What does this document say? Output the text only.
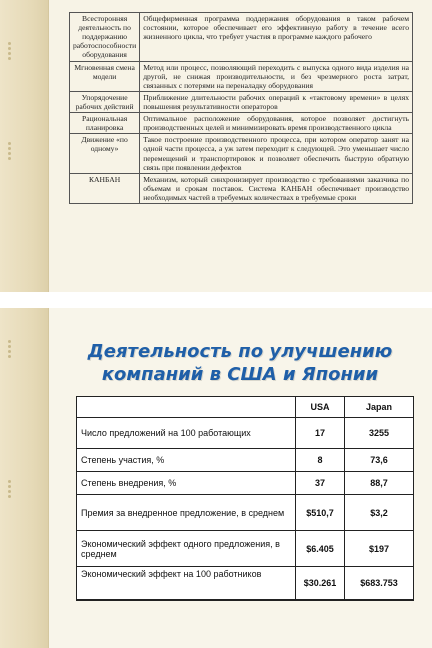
Всесторонняя деятельность по поддержанию работоспособности оборудования	Общефирменная программа поддержания оборудования в таком рабочем состоянии, которое обеспечивает его эффективную работу в течение всего жизненного цикла, что требует участия в программе каждого рабочего
Мгновенная смена модели	Метод или процесс, позволяющий переходить с выпуска одного вида изделия на другой, не снижая производительности, и без чрезмерного роста затрат, связанных с потерями на переналадку оборудования
Упорядочение рабочих действий	Приближение длительности рабочих операций к «тактовому времени» в целях повышения результативности операторов
Рациональная планировка	Оптимальное расположение оборудования, которое позволяет достигнуть производственных целей и минимизировать время производственного цикла
Движение «по одному»	Такое построение производственного процесса, при котором оператор занят на одной части процесса, а уж затем переходит к следующей. Это уменьшает число перемещений и транспортировок и позволяет обеспечить быструю обратную связь при появлении дефектов
КАНБАН	Механизм, который синхронизирует производство с требованиями заказчика по объемам и срокам поставок. Система КАНБАН обеспечивает производство необходимых частей в требуемых количествах в требуемые сроки
Деятельность по улучшению компаний в США и Японии
	USA	Japan
Число предложений на 100 работающих	17	3255
Степень участия, %	8	73,6
Степень внедрения, %	37	88,7
Премия за внедренное предложение, в среднем	$510,7	$3,2
Экономический эффект одного предложения, в среднем	$6.405	$197
Экономический эффект на 100 работников	$30.261	$683.753
